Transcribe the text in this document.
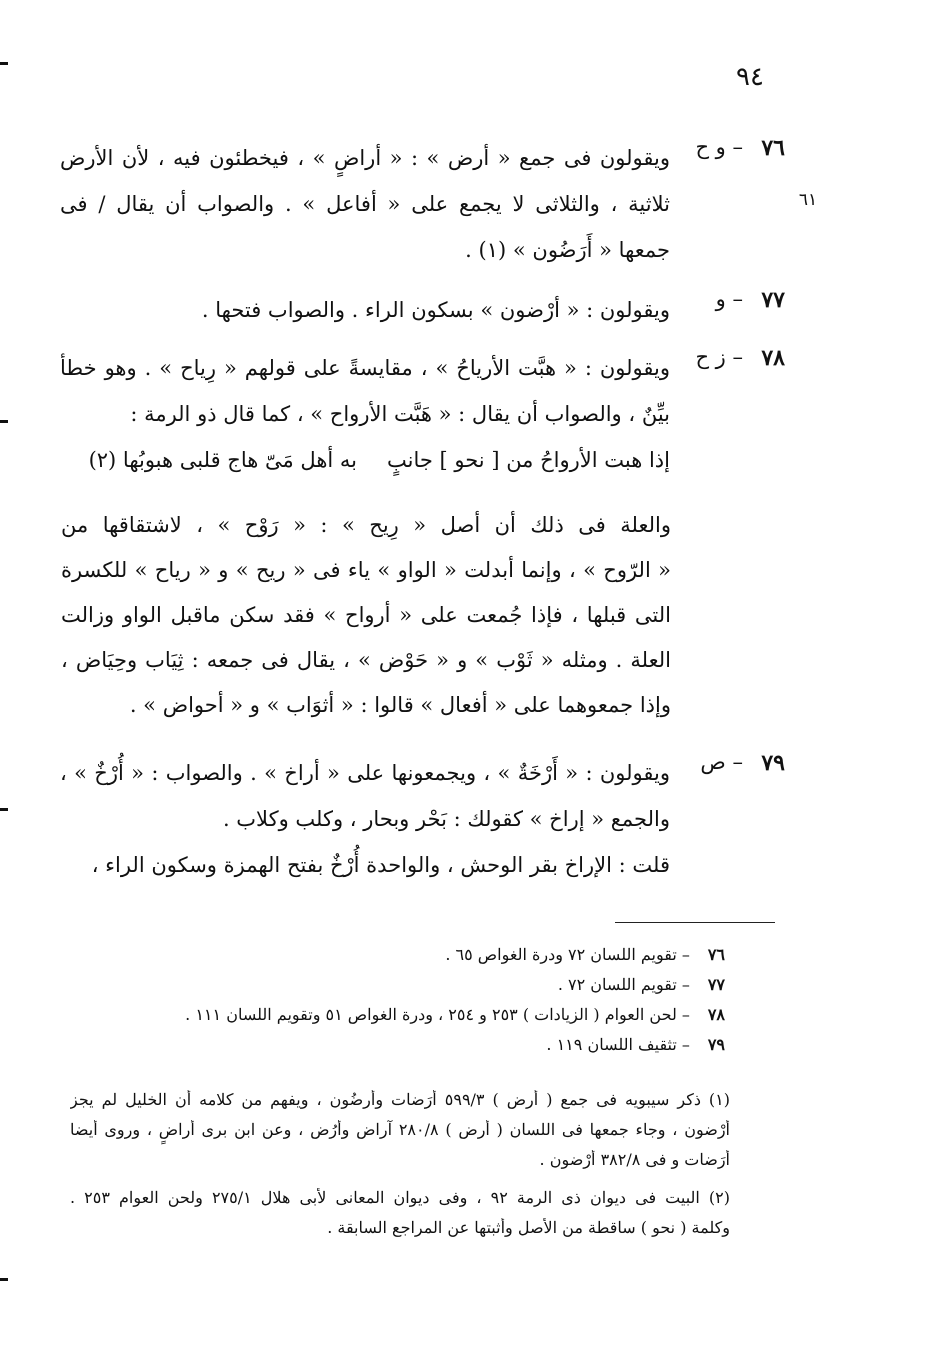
٩٤
٦١
٧٦
– و ح
ويقولون فى جمع « أرض » : « أراضٍ » ، فيخطئون فيه ، لأن الأرض
ثلاثية ، والثلاثى لا يجمع على « أفاعل » . والصواب أن يقال / فى
جمعها « أَرَضُون » (١) .
٧٧
– و
ويقولون : « أرْضون » بسكون الراء . والصواب فتحها .
٧٨
– ز ح
ويقولون : « هبَّت الأرياحُ » ، مقايسةً على قولهم « رِياح » . وهو خطأ
بيِّنٌ ، والصواب أن يقال : « هَبَّت الأرواح » ، كما قال ذو الرمة :
إذا هبت الأرواحُ من [ نحو ] جانبٍبه أهل مَىّ هاج قلبى هبوبُها (٢)
والعلة فى ذلك أن أصل « رِيح » : « رَوْح » ، لاشتقاقها من
« الرّوح » ، وإنما أبدلت « الواو » ياء فى « ريح » و « رياح » للكسرة
التى قبلها ، فإذا جُمعت على « أرواح » فقد سكن ماقبل الواو وزالت
العلة . ومثله « ثَوْب » و « حَوْض » ، يقال فى جمعه : ثِيَاب وحِيَاض ،
وإذا جمعوهما على « أفعال » قالوا : « أثوَاب » و « أحواض » .
٧٩
– ص
ويقولون : « أَرْخَةٌ » ، ويجمعونها على « أراخ » . والصواب : « أُرْخٌ » ،
والجمع « إراخ » كقولك : بَحْر وبحار ، وكلب وكلاب .
قلت : الإراخ بقر الوحش ، والواحدة أُرْخٌ بفتح الهمزة وسكون الراء ،
٧٦ – تقويم اللسان ٧٢ ودرة الغواص ٦٥ .
٧٧ – تقويم اللسان ٧٢ .
٧٨ – لحن العوام ( الزيادات ) ٢٥٣ و ٢٥٤ ، ودرة الغواص ٥١ وتقويم اللسان ١١١ .
٧٩ – تثقيف اللسان ١١٩ .
(١) ذكر سيبويه فى جمع ( أرض ) ٥٩٩/٣ أرَضات وأرضُون ، ويفهم من كلامه أن الخليل لم يجز
أرْضون ، وجاء جمعها فى اللسان ( أرض ) ٢٨٠/٨ آراض وأُرُض ، وعن ابن برى أراضٍ ، وروى أيضا
أَرَضات و فى ٣٨٢/٨ أرْضون .
(٢) البيت فى ديوان ذى الرمة ٩٢ ، وفى ديوان المعانى لأبى هلال ٢٧٥/١ ولحن العوام ٢٥٣ .
وكلمة ( نحو ) ساقطة من الأصل وأثبتها عن المراجع السابقة .
